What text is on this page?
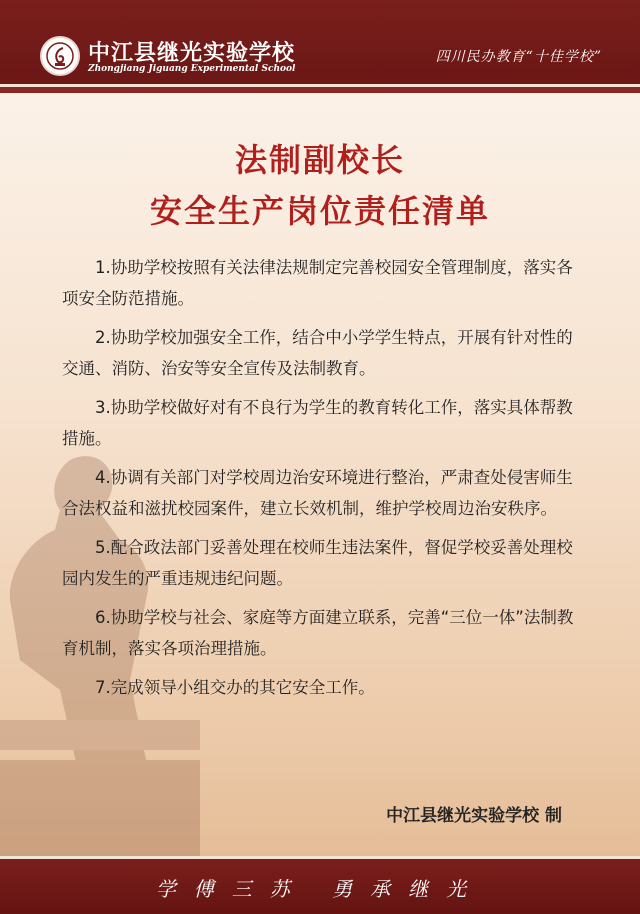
中江县继光实验学校
Zhongjiang Jiguang Experimental School
四川民办教育“十佳学校”
法制副校长
安全生产岗位责任清单

1.协助学校按照有关法律法规制定完善校园安全管理制度，落实各项安全防范措施。

2.协助学校加强安全工作，结合中小学学生特点，开展有针对性的交通、消防、治安等安全宣传及法制教育。

3.协助学校做好对有不良行为学生的教育转化工作，落实具体帮教措施。

4.协调有关部门对学校周边治安环境进行整治，严肃查处侵害师生合法权益和滋扰校园案件，建立长效机制，维护学校周边治安秩序。

5.配合政法部门妥善处理在校师生违法案件，督促学校妥善处理校园内发生的严重违规违纪问题。

6.协助学校与社会、家庭等方面建立联系，完善“三位一体”法制教育机制，落实各项治理措施。

7.完成领导小组交办的其它安全工作。

中江县继光实验学校 制
学傅三苏 勇承继光
